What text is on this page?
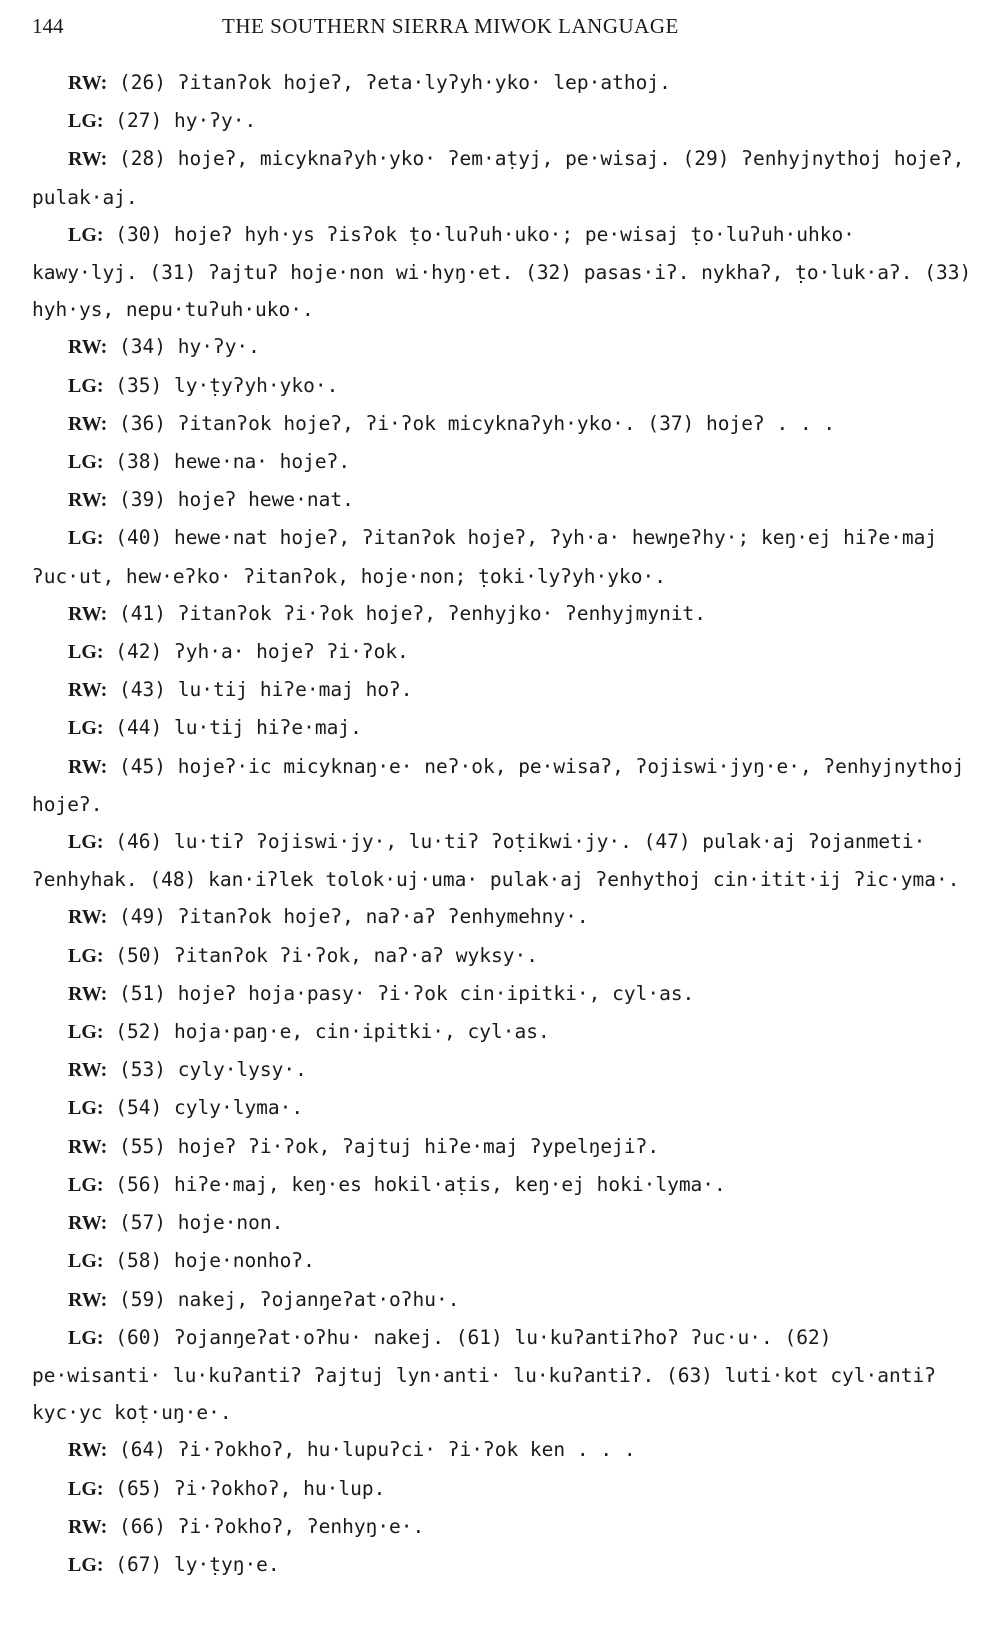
144	THE SOUTHERN SIERRA MIWOK LANGUAGE

RW: (26) ʔitanʔok hojeʔ, ʔeta·lyʔyh·yko· lep·athoj.

LG: (27) hy·ʔy·.

RW: (28) hojeʔ, micyknaʔyh·yko· ʔem·aṭyj, pe·wisaj. (29) ʔenhyjnythoj hojeʔ, pulak·aj.

LG: (30) hojeʔ hyh·ys ʔisʔok ṭo·luʔuh·uko·; pe·wisaj ṭo·luʔuh·uhko· kawy·lyj. (31) ʔajtuʔ hoje·non wi·hyŋ·et. (32) pasas·iʔ. nykhaʔ, ṭo·luk·aʔ. (33) hyh·ys, nepu·tuʔuh·uko·.

RW: (34) hy·ʔy·.

LG: (35) ly·ṭyʔyh·yko·.

RW: (36) ʔitanʔok hojeʔ, ʔi·ʔok micyknaʔyh·yko·. (37) hojeʔ . . .

LG: (38) hewe·na· hojeʔ.

RW: (39) hojeʔ hewe·nat.

LG: (40) hewe·nat hojeʔ, ʔitanʔok hojeʔ, ʔyh·a· hewŋeʔhy·; keŋ·ej hiʔe·maj ʔuc·ut, hew·eʔko· ʔitanʔok, hoje·non; ṭoki·lyʔyh·yko·.

RW: (41) ʔitanʔok ʔi·ʔok hojeʔ, ʔenhyjko· ʔenhyjmynit.

LG: (42) ʔyh·a· hojeʔ ʔi·ʔok.

RW: (43) lu·tij hiʔe·maj hoʔ.

LG: (44) lu·tij hiʔe·maj.

RW: (45) hojeʔ·ic micyknaŋ·e· neʔ·ok, pe·wisaʔ, ʔojiswi·jyŋ·e·, ʔenhyjnythoj hojeʔ.

LG: (46) lu·tiʔ ʔojiswi·jy·, lu·tiʔ ʔoṭikwi·jy·. (47) pulak·aj ʔojanmeti· ʔenhyhak. (48) kan·iʔlek tolok·uj·uma· pulak·aj ʔenhythoj cin·itit·ij ʔic·yma·.

RW: (49) ʔitanʔok hojeʔ, naʔ·aʔ ʔenhymehny·.

LG: (50) ʔitanʔok ʔi·ʔok, naʔ·aʔ wyksy·.

RW: (51) hojeʔ hoja·pasy· ʔi·ʔok cin·ipitki·, cyl·as.

LG: (52) hoja·paŋ·e, cin·ipitki·, cyl·as.

RW: (53) cyly·lysy·.

LG: (54) cyly·lyma·.

RW: (55) hojeʔ ʔi·ʔok, ʔajtuj hiʔe·maj ʔypelŋejiʔ.

LG: (56) hiʔe·maj, keŋ·es hokil·aṭis, keŋ·ej hoki·lyma·.

RW: (57) hoje·non.

LG: (58) hoje·nonhoʔ.

RW: (59) nakej, ʔojanŋeʔat·oʔhu·.

LG: (60) ʔojanŋeʔat·oʔhu· nakej. (61) lu·kuʔantiʔhoʔ ʔuc·u·. (62) pe·wisanti· lu·kuʔantiʔ ʔajtuj lyn·anti· lu·kuʔantiʔ. (63) luti·kot cyl·antiʔ kyc·yc koṭ·uŋ·e·.

RW: (64) ʔi·ʔokhoʔ, hu·lupuʔci· ʔi·ʔok ken . . .

LG: (65) ʔi·ʔokhoʔ, hu·lup.

RW: (66) ʔi·ʔokhoʔ, ʔenhyŋ·e·.

LG: (67) ly·ṭyŋ·e.
